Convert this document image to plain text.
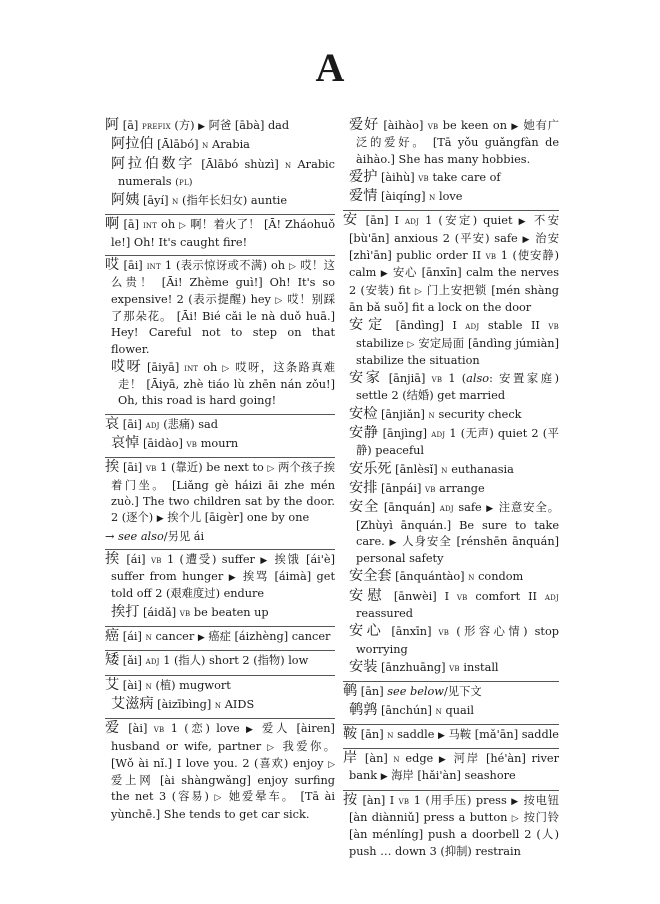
A
阿 [ā] prefix (方) ▶ 阿爸 [ābà] dad
阿拉伯 [Ālābó] n Arabia
阿拉伯数字 [Ālābó shùzì] n Arabic numerals (pl)
阿姨 [āyí] n (指年长妇女) auntie
啊 [ā] int oh ▷ 啊！着火了！ [Ā! Zháohuǒ le!] Oh! It's caught fire!
哎 [āi] int 1 (表示惊讶或不满) oh ▷ 哎！这么贵！ [Āi! Zhème guì!] Oh! It's so expensive! 2 (表示提醒) hey ▷ 哎！别踩了那朵花。 [Āi! Bié cǎi le nà duǒ huā.] Hey! Careful not to step on that flower.
哎呀 [āiyā] int oh ▷ 哎呀，这条路真难走！ [Āiyā, zhè tiáo lù zhēn nán zǒu!] Oh, this road is hard going!
哀 [āi] adj (悲痛) sad
哀悼 [āidào] vb mourn
挨 [āi] vb 1 (靠近) be next to ▷ 两个孩子挨着门坐。 [Liǎng gè háizi āi zhe mén zuò.] The two children sat by the door. 2 (逐个) ▶ 挨个儿 [āigèr] one by one
→ see also/另见 ái
挨 [ái] vb 1 (遭受) suffer ▶ 挨饿 [ái'è] suffer from hunger ▶ 挨骂 [áimà] get told off 2 (艰难度过) endure
挨打 [áidǎ] vb be beaten up
癌 [ái] n cancer ▶ 癌症 [áizhèng] cancer
矮 [ǎi] adj 1 (指人) short 2 (指物) low
艾 [ài] n (植) mugwort
艾滋病 [àizībìng] n AIDS
爱 [ài] vb 1 (恋) love ▶ 爱人 [àiren] husband or wife, partner ▷ 我爱你。 [Wǒ ài nǐ.] I love you. 2 (喜欢) enjoy ▷ 爱上网 [ài shàngwǎng] enjoy surfing the net 3 (容易) ▷ 她爱晕车。 [Tā ài yùnchē.] She tends to get car sick.
爱好 [àihào] vb be keen on ▶ 她有广泛的爱好。 [Tā yǒu guǎngfàn de àihào.] She has many hobbies.
爱护 [àihù] vb take care of
爱情 [àiqíng] n love
安 [ān] I adj 1 (安定) quiet ▶ 不安 [bù'ān] anxious 2 (平安) safe ▶ 治安 [zhì'ān] public order II vb 1 (使安静) calm ▶ 安心 [ānxīn] calm the nerves 2 (安装) fit ▷ 门上安把锁 [mén shàng ān bǎ suǒ] fit a lock on the door
安定 [āndìng] I adj stable II vb stabilize ▷ 安定局面 [āndìng júmiàn] stabilize the situation
安家 [ānjiā] vb 1 (also: 安置家庭) settle 2 (结婚) get married
安检 [ānjiǎn] n security check
安静 [ānjìng] adj 1 (无声) quiet 2 (平静) peaceful
安乐死 [ānlèsǐ] n euthanasia
安排 [ānpái] vb arrange
安全 [ānquán] adj safe ▶ 注意安全。 [Zhùyì ānquán.] Be sure to take care. ▶ 人身安全 [rénshēn ānquán] personal safety
安全套 [ānquántào] n condom
安慰 [ānwèi] I vb comfort II adj reassured
安心 [ānxīn] vb (形容心情) stop worrying
安装 [ānzhuāng] vb install
鹌 [ān] see below/见下文
鹌鹑 [ānchún] n quail
鞍 [ān] n saddle ▶ 马鞍 [mǎ'ān] saddle
岸 [àn] n edge ▶ 河岸 [hé'àn] river bank ▶ 海岸 [hǎi'àn] seashore
按 [àn] I vb 1 (用手压) press ▶ 按电钮 [àn diànniǔ] press a button ▷ 按门铃 [àn ménlíng] push a doorbell 2 (人) push … down 3 (抑制) restrain
